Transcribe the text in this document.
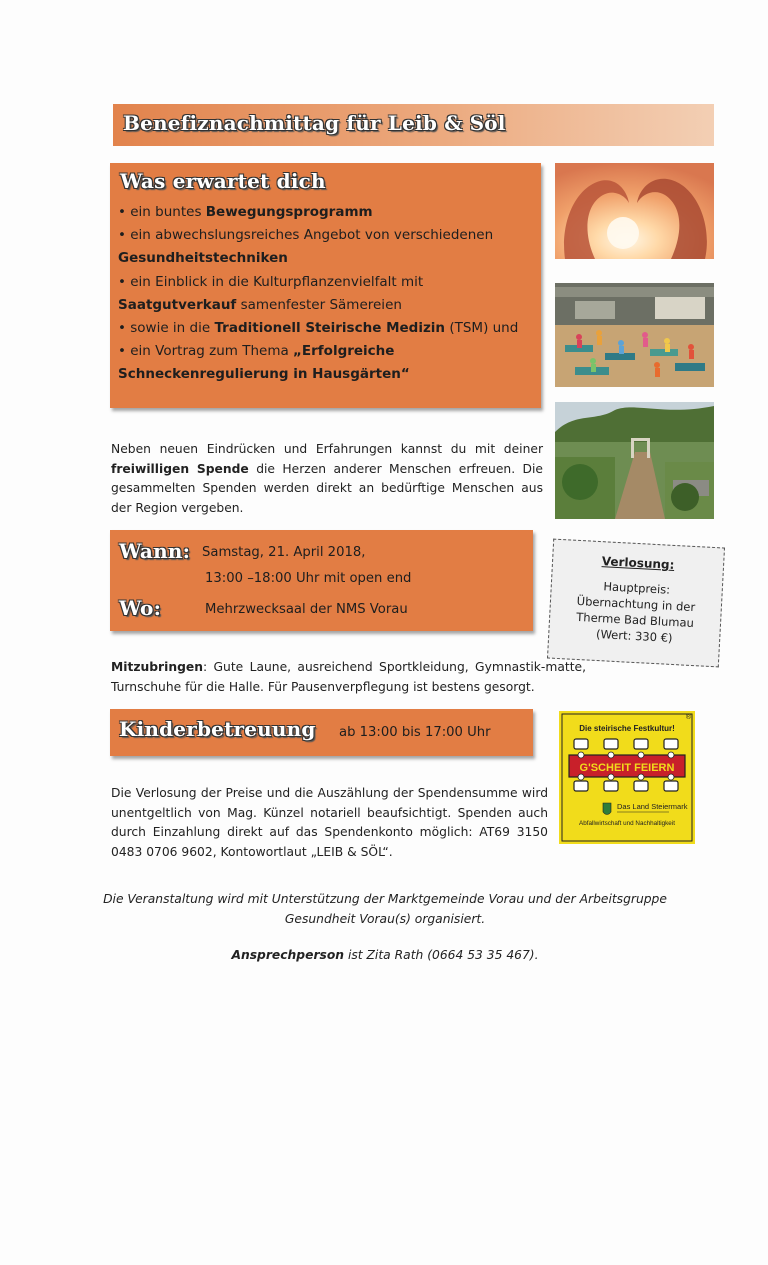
Benefiznachmittag für Leib & Söl
Was erwartet dich
• ein buntes Bewegungsprogramm
• ein abwechslungsreiches Angebot von verschiedenen
Gesundheitstechniken
• ein Einblick in die Kulturpflanzenvielfalt mit
Saatgutverkauf samenfester Sämereien
• sowie in die Traditionell Steirische Medizin (TSM) und
• ein Vortrag zum Thema „Erfolgreiche
Schneckenregulierung in Hausgärten“
Neben neuen Eindrücken und Erfahrungen kannst du mit deiner freiwilligen Spende die Herzen anderer Menschen erfreuen. Die gesammelten Spenden werden direkt an bedürftige Menschen aus der Region vergeben.
Wann: Samstag, 21. April 2018,
13:00 –18:00 Uhr mit open end
Wo:	Mehrzwecksaal der NMS Vorau
Verlosung:
Hauptpreis:
Übernachtung in der
Therme Bad Blumau
(Wert: 330 €)
Mitzubringen: Gute Laune, ausreichend Sportkleidung, Gymnastik-matte, Turnschuhe für die Halle. Für Pausenverpflegung ist bestens gesorgt.
Kinderbetreuung ab 13:00 bis 17:00 Uhr	Die steirische Festkultur!
®
G'SCHEIT FEIERN
Das Land Steiermark
Abfallwirtschaft und Nachhaltigkeit
Die Verlosung der Preise und die Auszählung der Spendensumme wird unentgeltlich von Mag. Künzel notariell beaufsichtigt. Spenden auch durch Einzahlung direkt auf das Spendenkonto möglich: AT69 3150 0483 0706 9602, Kontowortlaut „LEIB & SÖL“.
Die Veranstaltung wird mit Unterstützung der Marktgemeinde Vorau und der Arbeitsgruppe
Gesundheit Vorau(s) organisiert.
Ansprechperson ist Zita Rath (0664 53 35 467).
